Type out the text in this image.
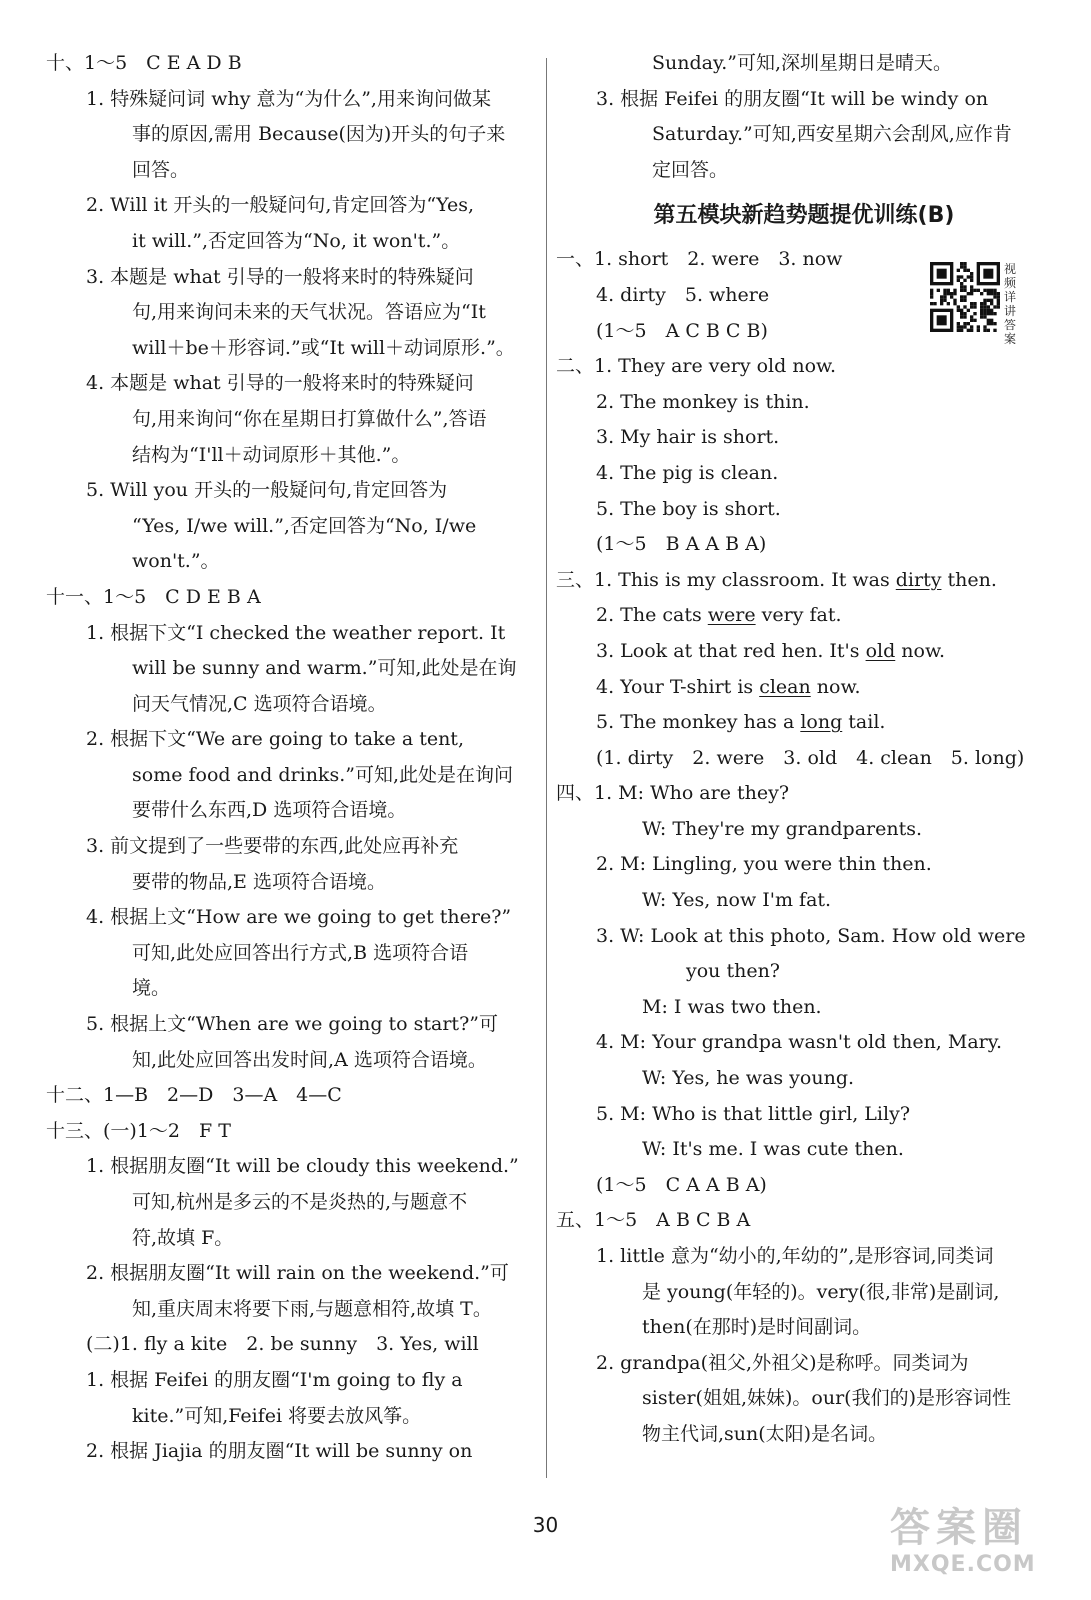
十、1～5　C E A D B
1. 特殊疑问词 why 意为“为什么”,用来询问做某
事的原因,需用 Because(因为)开头的句子来
回答。
2. Will it 开头的一般疑问句,肯定回答为“Yes,
it will.”,否定回答为“No, it won't.”。
3. 本题是 what 引导的一般将来时的特殊疑问
句,用来询问未来的天气状况。答语应为“It
will＋be＋形容词.”或“It will＋动词原形.”。
4. 本题是 what 引导的一般将来时的特殊疑问
句,用来询问“你在星期日打算做什么”,答语
结构为“I'll＋动词原形＋其他.”。
5. Will you 开头的一般疑问句,肯定回答为
“Yes, I/we will.”,否定回答为“No, I/we
won't.”。
十一、1～5　C D E B A
1. 根据下文“I checked the weather report. It
will be sunny and warm.”可知,此处是在询
问天气情况,C 选项符合语境。
2. 根据下文“We are going to take a tent,
some food and drinks.”可知,此处是在询问
要带什么东西,D 选项符合语境。
3. 前文提到了一些要带的东西,此处应再补充
要带的物品,E 选项符合语境。
4. 根据上文“How are we going to get there?”
可知,此处应回答出行方式,B 选项符合语
境。
5. 根据上文“When are we going to start?”可
知,此处应回答出发时间,A 选项符合语境。
十二、1—B　2—D　3—A　4—C
十三、(一)1～2　F T
1. 根据朋友圈“It will be cloudy this weekend.”
可知,杭州是多云的不是炎热的,与题意不
符,故填 F。
2. 根据朋友圈“It will rain on the weekend.”可
知,重庆周末将要下雨,与题意相符,故填 T。
(二)1. fly a kite　2. be sunny　3. Yes, will
1. 根据 Feifei 的朋友圈“I'm going to fly a
kite.”可知,Feifei 将要去放风筝。
2. 根据 Jiajia 的朋友圈“It will be sunny on
Sunday.”可知,深圳星期日是晴天。
3. 根据 Feifei 的朋友圈“It will be windy on
Saturday.”可知,西安星期六会刮风,应作肯
定回答。
第五模块新趋势题提优训练(B)
一、1. short　2. were　3. now
4. dirty　5. where
(1～5　A C B C B)
二、1. They are very old now.
2. The monkey is thin.
3. My hair is short.
4. The pig is clean.
5. The boy is short.
(1～5　B A A B A)
三、1. This is my classroom. It was dirty then.
2. The cats were very fat.
3. Look at that red hen. It's old now.
4. Your T-shirt is clean now.
5. The monkey has a long tail.
(1. dirty　2. were　3. old　4. clean　5. long)
四、1. M: Who are they?
W: They're my grandparents.
2. M: Lingling, you were thin then.
W: Yes, now I'm fat.
3. W: Look at this photo, Sam. How old were
you then?
M: I was two then.
4. M: Your grandpa wasn't old then, Mary.
W: Yes, he was young.
5. M: Who is that little girl, Lily?
W: It's me. I was cute then.
(1～5　C A A B A)
五、1～5　A B C B A
1. little 意为“幼小的,年幼的”,是形容词,同类词
是 young(年轻的)。very(很,非常)是副词,
then(在那时)是时间副词。
2. grandpa(祖父,外祖父)是称呼。同类词为
sister(姐姐,妹妹)。our(我们的)是形容词性
物主代词,sun(太阳)是名词。
视频详讲答案
30	答案圈
MXQE.COM
